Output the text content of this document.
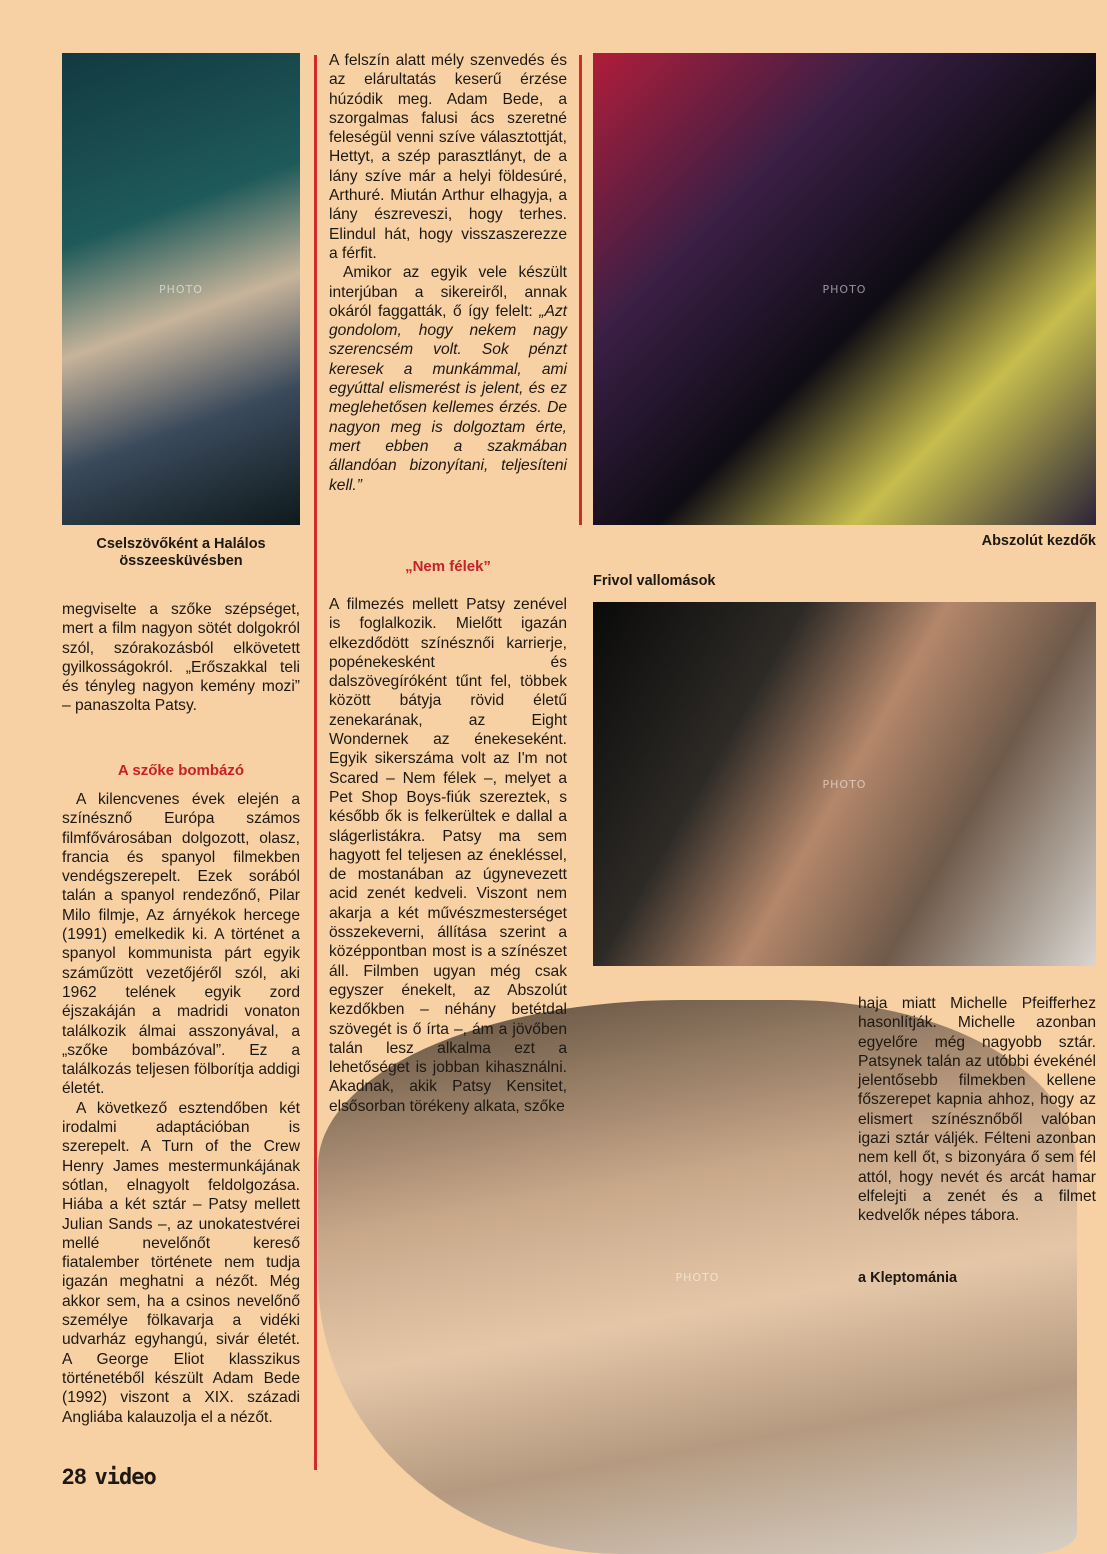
PHOTO	PHOTO
PHOTO
PHOTO

Cselszövőként a Halálos összeesküvésben

Abszolút kezdők

Frivol vallomások

a Kleptománia

megviselte a szőke szépséget, mert a film nagyon sötét dolgokról szól, szórakozásból elkövetett gyilkosságokról. „Erőszakkal teli és tényleg nagyon kemény mozi” – panaszolta Patsy.

A szőke bombázó

A kilencvenes évek elején a színésznő Európa számos filmfővárosában dolgozott, olasz, francia és spanyol filmekben vendégszerepelt. Ezek sorából talán a spanyol rendezőnő, Pilar Milo filmje, Az árnyékok hercege (1991) emelkedik ki. A történet a spanyol kommunista párt egyik száműzött vezetőjéről szól, aki 1962 telének egyik zord éjszakáján a madridi vonaton találkozik álmai asszonyával, a „szőke bombázóval”. Ez a találkozás teljesen fölborítja addigi életét.

A következő esztendőben két irodalmi adaptációban is szerepelt. A Turn of the Crew Henry James mestermunkájának sótlan, elnagyolt feldolgozása. Hiába a két sztár – Patsy mellett Julian Sands –, az unokatestvérei mellé nevelőnőt kereső fiatalember története nem tudja igazán meghatni a nézőt. Még akkor sem, ha a csinos nevelőnő személye fölkavarja a vidéki udvarház egyhangú, sivár életét. A George Eliot klasszikus történetéből készült Adam Bede (1992) viszont a XIX. századi Angliába kalauzolja el a nézőt.

A felszín alatt mély szenvedés és az elárultatás keserű érzése húzódik meg. Adam Bede, a szorgalmas falusi ács szeretné feleségül venni szíve választottját, Hettyt, a szép parasztlányt, de a lány szíve már a helyi földesúré, Arthuré. Miután Arthur elhagyja, a lány észreveszi, hogy terhes. Elindul hát, hogy visszaszerezze a férfit.

Amikor az egyik vele készült interjúban a sikereiről, annak okáról faggatták, ő így felelt: „Azt gondolom, hogy nekem nagy szerencsém volt. Sok pénzt keresek a munkámmal, ami egyúttal elismerést is jelent, és ez meglehetősen kellemes érzés. De nagyon meg is dolgoztam érte, mert ebben a szakmában állandóan bizonyítani, teljesíteni kell.”

„Nem félek”

A filmezés mellett Patsy zenével is foglalkozik. Mielőtt igazán elkezdődött színésznői karrierje, popénekesként és dalszövegíróként tűnt fel, többek között bátyja rövid életű zenekarának, az Eight Wondernek az énekeseként. Egyik sikerszáma volt az I'm not Scared – Nem félek –, melyet a Pet Shop Boys-fiúk szereztek, s később ők is felkerültek e dallal a slágerlistákra. Patsy ma sem hagyott fel teljesen az énekléssel, de mostanában az úgynevezett acid zenét kedveli. Viszont nem akarja a két művészmesterséget összekeverni, állítása szerint a középpontban most is a színészet áll. Filmben ugyan még csak egyszer énekelt, az Abszolút kezdőkben – néhány betétdal szövegét is ő írta –, ám a jövőben talán lesz alkalma ezt a lehetőséget is jobban kihasználni. Akadnak, akik Patsy Kensitet, elsősorban törékeny alkata, szőke

haja miatt Michelle Pfeifferhez hasonlítják. Michelle azonban egyelőre még nagyobb sztár. Patsynek talán az utóbbi évekénél jelentősebb filmekben kellene főszerepet kapnia ahhoz, hogy az elismert színésznőből valóban igazi sztár váljék. Félteni azonban nem kell őt, s bizonyára ő sem fél attól, hogy nevét és arcát hamar elfelejti a zenét és a filmet kedvelők népes tábora.

28 video
